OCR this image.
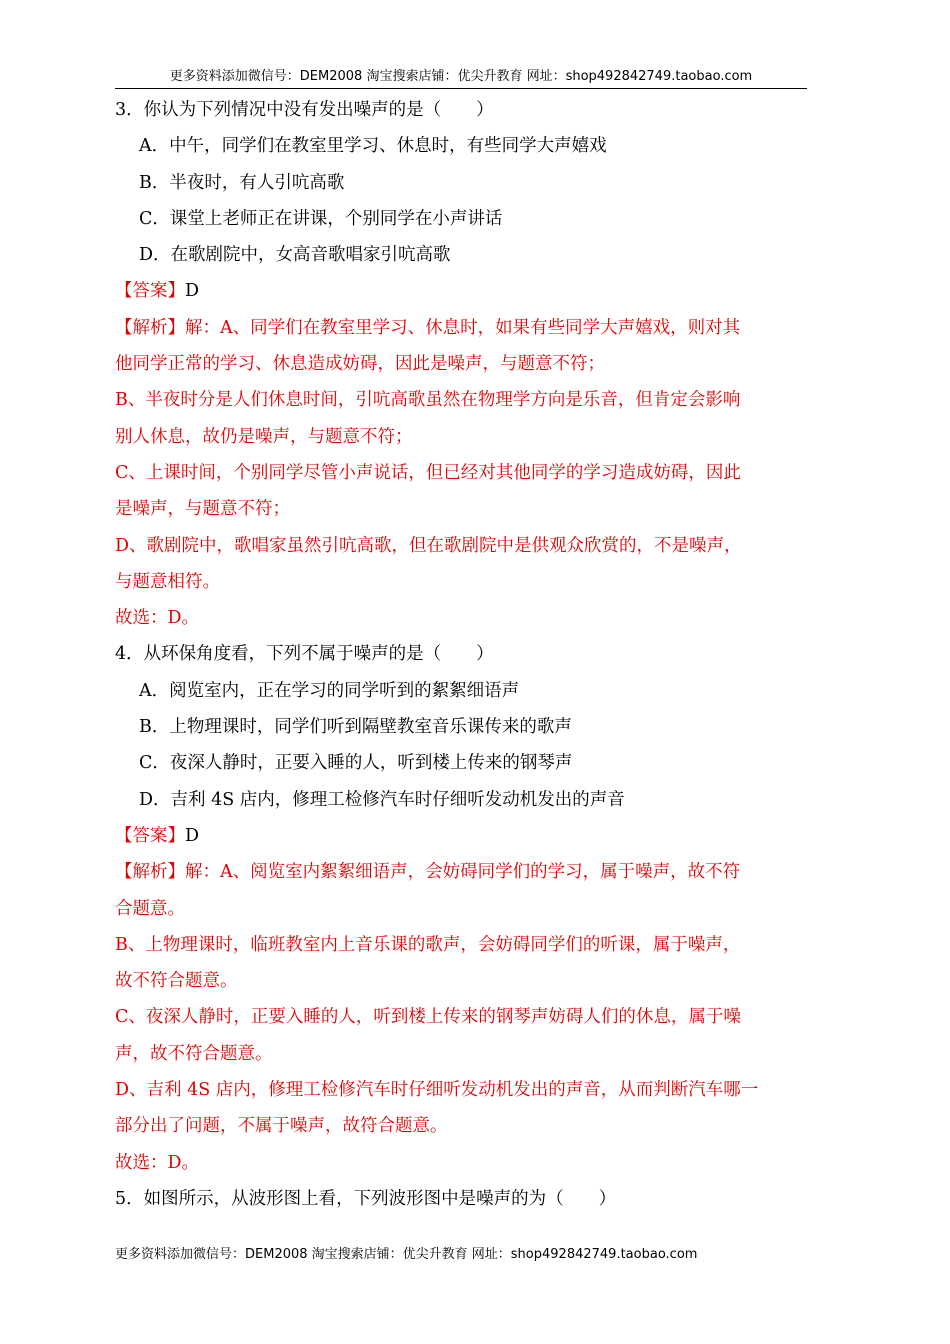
更多资料添加微信号：DEM2008 淘宝搜索店铺：优尖升教育 网址：shop492842749.taobao.com
3．你认为下列情况中没有发出噪声的是（　　）
A．中午，同学们在教室里学习、休息时，有些同学大声嬉戏
B．半夜时，有人引吭高歌
C．课堂上老师正在讲课，个别同学在小声讲话
D．在歌剧院中，女高音歌唱家引吭高歌
【答案】D
【解析】解：A、同学们在教室里学习、休息时，如果有些同学大声嬉戏，则对其
他同学正常的学习、休息造成妨碍，因此是噪声，与题意不符；
B、半夜时分是人们休息时间，引吭高歌虽然在物理学方向是乐音，但肯定会影响
别人休息，故仍是噪声，与题意不符；
C、上课时间，个别同学尽管小声说话，但已经对其他同学的学习造成妨碍，因此
是噪声，与题意不符；
D、歌剧院中，歌唱家虽然引吭高歌，但在歌剧院中是供观众欣赏的，不是噪声，
与题意相符。
故选：D。
4．从环保角度看，下列不属于噪声的是（　　）
A．阅览室内，正在学习的同学听到的絮絮细语声
B．上物理课时，同学们听到隔壁教室音乐课传来的歌声
C．夜深人静时，正要入睡的人，听到楼上传来的钢琴声
D．吉利 4S 店内，修理工检修汽车时仔细听发动机发出的声音
【答案】D
【解析】解：A、阅览室内絮絮细语声，会妨碍同学们的学习，属于噪声，故不符
合题意。
B、上物理课时，临班教室内上音乐课的歌声，会妨碍同学们的听课，属于噪声，
故不符合题意。
C、夜深人静时，正要入睡的人，听到楼上传来的钢琴声妨碍人们的休息，属于噪
声，故不符合题意。
D、吉利 4S 店内，修理工检修汽车时仔细听发动机发出的声音，从而判断汽车哪一
部分出了问题，不属于噪声，故符合题意。
故选：D。
5．如图所示，从波形图上看，下列波形图中是噪声的为（　　）
更多资料添加微信号：DEM2008 淘宝搜索店铺：优尖升教育 网址：shop492842749.taobao.com
